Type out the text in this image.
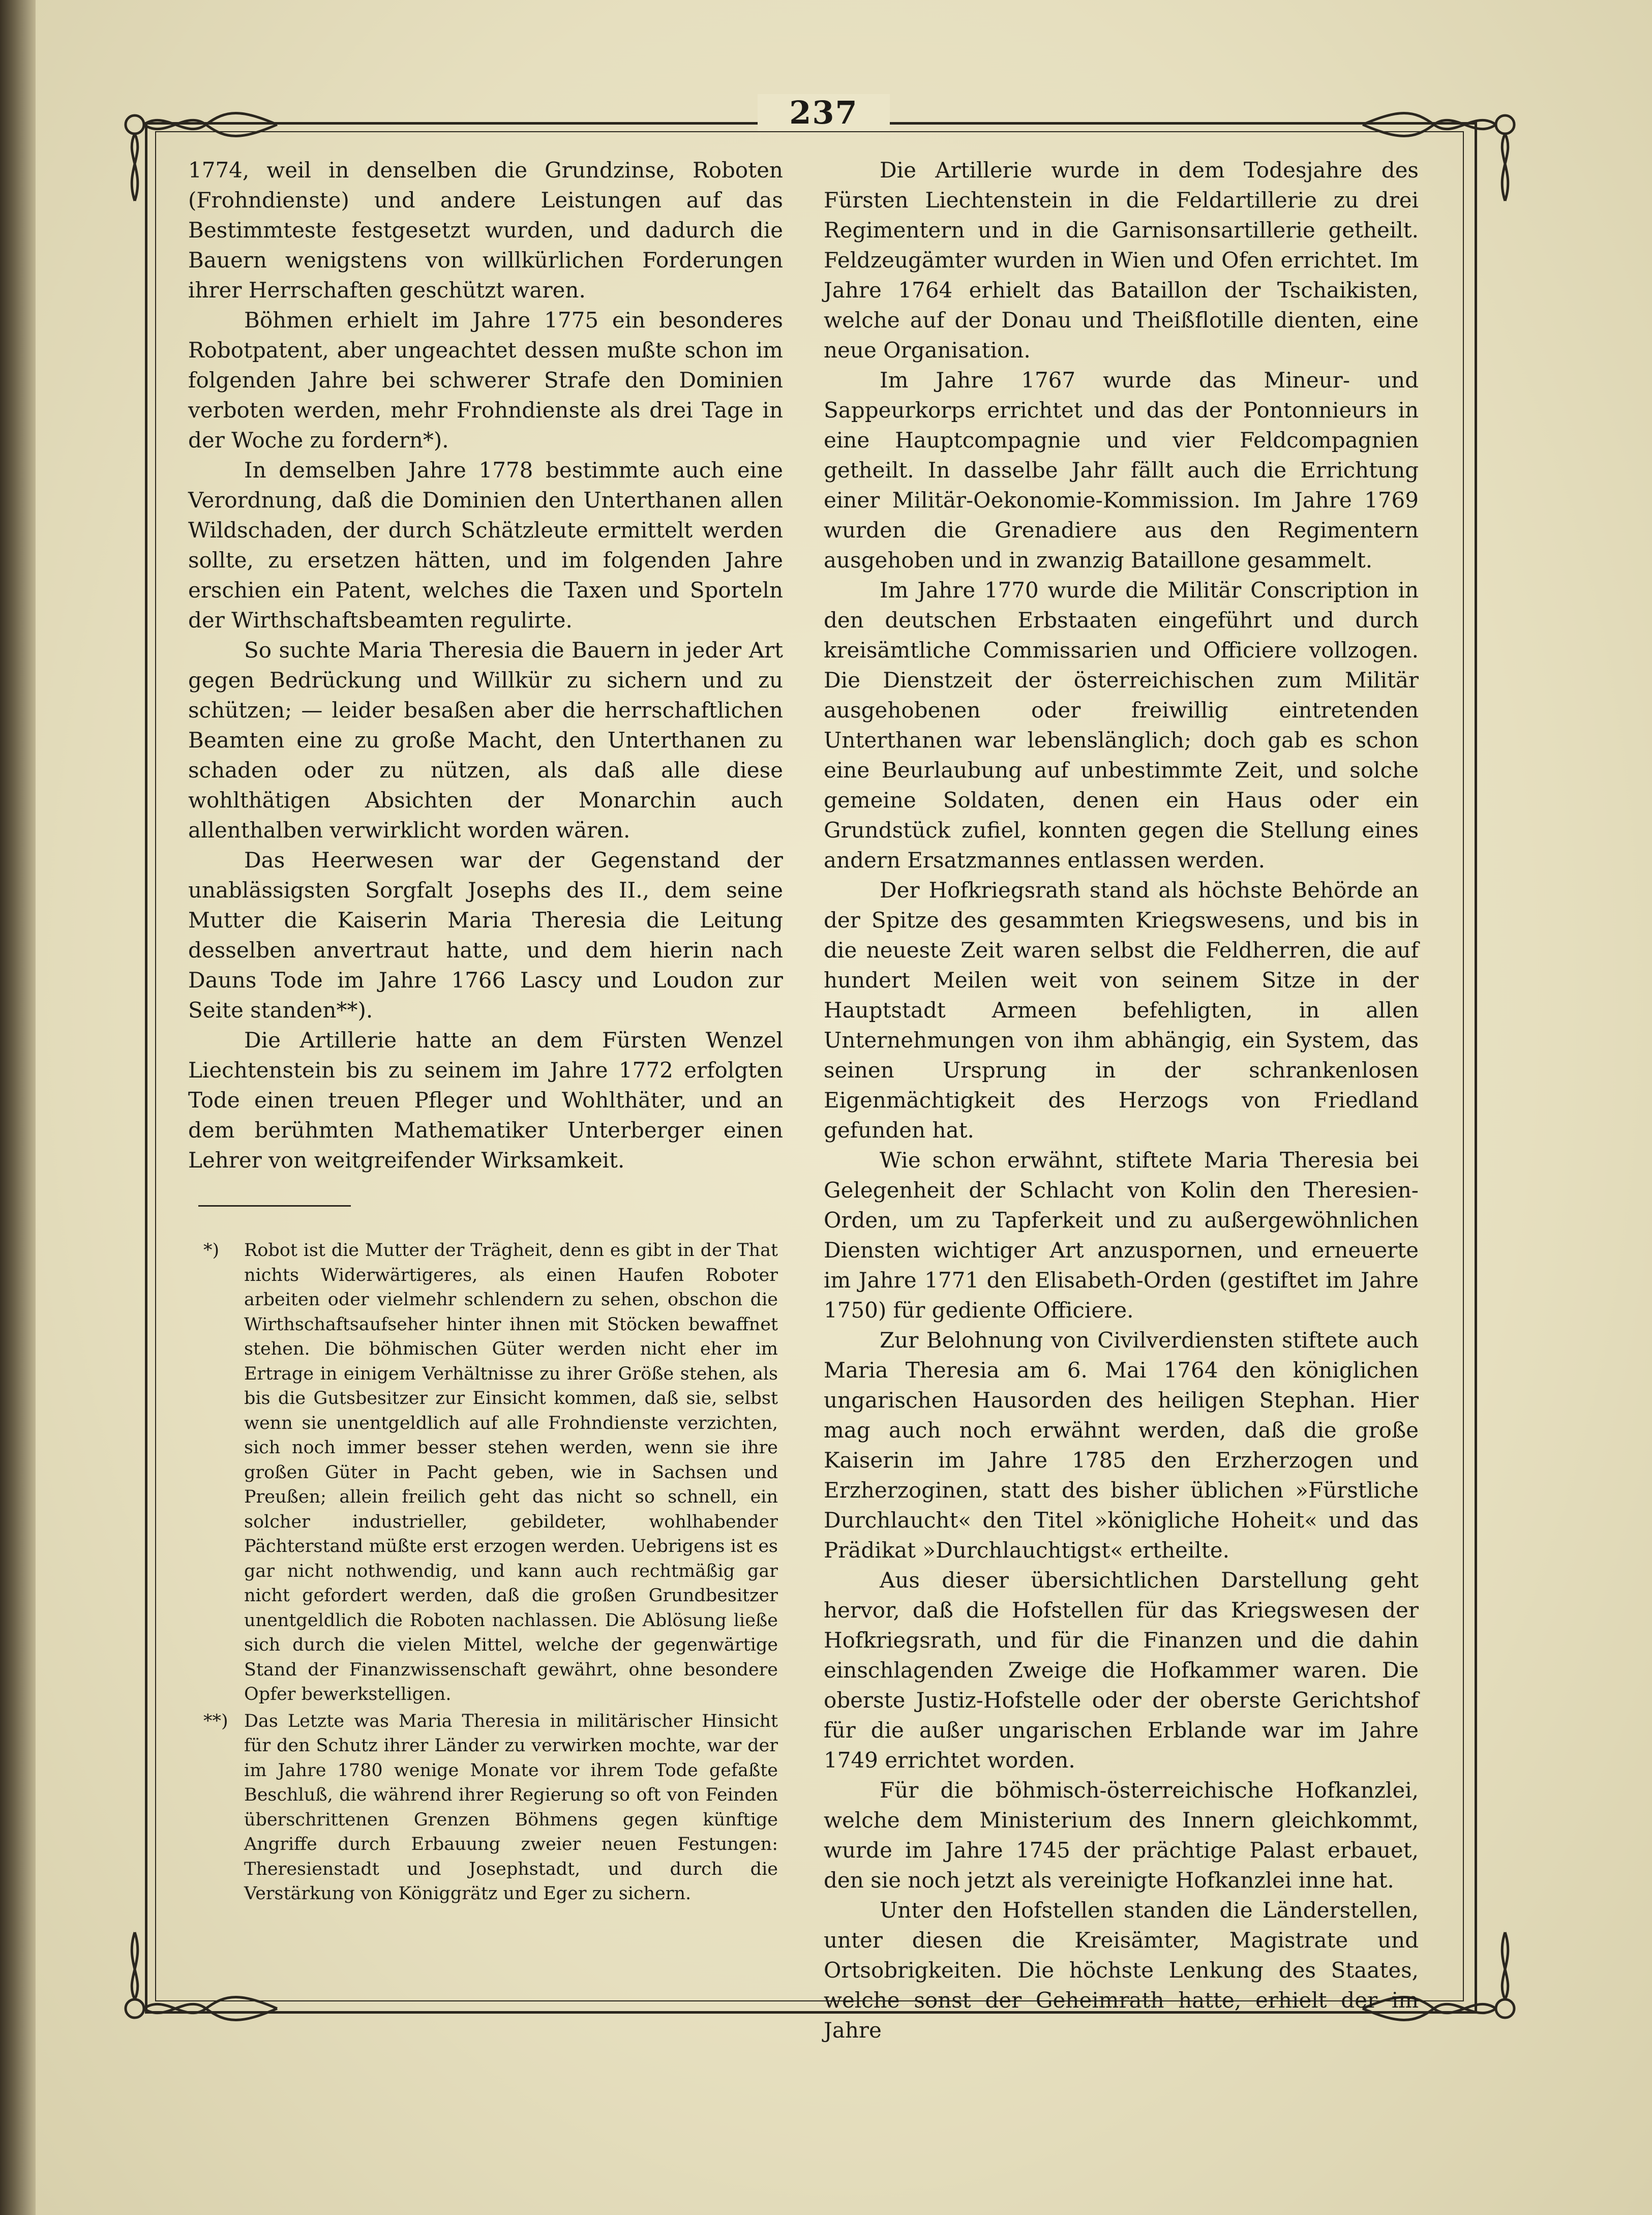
237

1774, weil in denselben die Grundzinse, Roboten (Frohndienste) und andere Leistungen auf das Bestimmteste festgesetzt wurden, und dadurch die Bauern wenigstens von willkürlichen Forderungen ihrer Herrschaften geschützt waren.

Böhmen erhielt im Jahre 1775 ein besonderes Robotpatent, aber ungeachtet dessen mußte schon im folgenden Jahre bei schwerer Strafe den Dominien verboten werden, mehr Frohndienste als drei Tage in der Woche zu fordern*).

In demselben Jahre 1778 bestimmte auch eine Verordnung, daß die Dominien den Unterthanen allen Wildschaden, der durch Schätzleute ermittelt werden sollte, zu ersetzen hätten, und im folgenden Jahre erschien ein Patent, welches die Taxen und Sporteln der Wirthschaftsbeamten regulirte.

So suchte Maria Theresia die Bauern in jeder Art gegen Bedrückung und Willkür zu sichern und zu schützen; — leider besaßen aber die herrschaftlichen Beamten eine zu große Macht, den Unterthanen zu schaden oder zu nützen, als daß alle diese wohlthätigen Absichten der Monarchin auch allenthalben verwirklicht worden wären.

Das Heerwesen war der Gegenstand der unablässigsten Sorgfalt Josephs des II., dem seine Mutter die Kaiserin Maria Theresia die Leitung desselben anvertraut hatte, und dem hierin nach Dauns Tode im Jahre 1766 Lascy und Loudon zur Seite standen**).

Die Artillerie hatte an dem Fürsten Wenzel Liechtenstein bis zu seinem im Jahre 1772 erfolgten Tode einen treuen Pfleger und Wohlthäter, und an dem berühmten Mathematiker Unterberger einen Lehrer von weitgreifender Wirksamkeit.

*) Robot ist die Mutter der Trägheit, denn es gibt in der That nichts Widerwärtigeres, als einen Haufen Roboter arbeiten oder vielmehr schlendern zu sehen, obschon die Wirthschaftsaufseher hinter ihnen mit Stöcken bewaffnet stehen. Die böhmischen Güter werden nicht eher im Ertrage in einigem Verhältnisse zu ihrer Größe stehen, als bis die Gutsbesitzer zur Einsicht kommen, daß sie, selbst wenn sie unentgeldlich auf alle Frohndienste verzichten, sich noch immer besser stehen werden, wenn sie ihre großen Güter in Pacht geben, wie in Sachsen und Preußen; allein freilich geht das nicht so schnell, ein solcher industrieller, gebildeter, wohlhabender Pächterstand müßte erst erzogen werden. Uebrigens ist es gar nicht nothwendig, und kann auch rechtmäßig gar nicht gefordert werden, daß die großen Grundbesitzer unentgeldlich die Roboten nachlassen. Die Ablösung ließe sich durch die vielen Mittel, welche der gegenwärtige Stand der Finanzwissenschaft gewährt, ohne besondere Opfer bewerkstelligen.
**) Das Letzte was Maria Theresia in militärischer Hinsicht für den Schutz ihrer Länder zu verwirken mochte, war der im Jahre 1780 wenige Monate vor ihrem Tode gefaßte Beschluß, die während ihrer Regierung so oft von Feinden überschrittenen Grenzen Böhmens gegen künftige Angriffe durch Erbauung zweier neuen Festungen: Theresienstadt und Josephstadt, und durch die Verstärkung von Königgrätz und Eger zu sichern.

Die Artillerie wurde in dem Todesjahre des Fürsten Liechtenstein in die Feldartillerie zu drei Regimentern und in die Garnisonsartillerie getheilt. Feldzeugämter wurden in Wien und Ofen errichtet. Im Jahre 1764 erhielt das Bataillon der Tschaikisten, welche auf der Donau und Theißflotille dienten, eine neue Organisation.

Im Jahre 1767 wurde das Mineur- und Sappeurkorps errichtet und das der Pontonnieurs in eine Hauptcompagnie und vier Feldcompagnien getheilt. In dasselbe Jahr fällt auch die Errichtung einer Militär-Oekonomie-Kommission. Im Jahre 1769 wurden die Grenadiere aus den Regimentern ausgehoben und in zwanzig Bataillone gesammelt.

Im Jahre 1770 wurde die Militär Conscription in den deutschen Erbstaaten eingeführt und durch kreisämtliche Commissarien und Officiere vollzogen. Die Dienstzeit der österreichischen zum Militär ausgehobenen oder freiwillig eintretenden Unterthanen war lebenslänglich; doch gab es schon eine Beurlaubung auf unbestimmte Zeit, und solche gemeine Soldaten, denen ein Haus oder ein Grundstück zufiel, konnten gegen die Stellung eines andern Ersatzmannes entlassen werden.

Der Hofkriegsrath stand als höchste Behörde an der Spitze des gesammten Kriegswesens, und bis in die neueste Zeit waren selbst die Feldherren, die auf hundert Meilen weit von seinem Sitze in der Hauptstadt Armeen befehligten, in allen Unternehmungen von ihm abhängig, ein System, das seinen Ursprung in der schrankenlosen Eigenmächtigkeit des Herzogs von Friedland gefunden hat.

Wie schon erwähnt, stiftete Maria Theresia bei Gelegenheit der Schlacht von Kolin den Theresien-Orden, um zu Tapferkeit und zu außergewöhnlichen Diensten wichtiger Art anzuspornen, und erneuerte im Jahre 1771 den Elisabeth-Orden (gestiftet im Jahre 1750) für gediente Officiere.

Zur Belohnung von Civilverdiensten stiftete auch Maria Theresia am 6. Mai 1764 den königlichen ungarischen Hausorden des heiligen Stephan. Hier mag auch noch erwähnt werden, daß die große Kaiserin im Jahre 1785 den Erzherzogen und Erzherzoginen, statt des bisher üblichen »Fürstliche Durchlaucht« den Titel »königliche Hoheit« und das Prädikat »Durchlauchtigst« ertheilte.

Aus dieser übersichtlichen Darstellung geht hervor, daß die Hofstellen für das Kriegswesen der Hofkriegsrath, und für die Finanzen und die dahin einschlagenden Zweige die Hofkammer waren. Die oberste Justiz-Hofstelle oder der oberste Gerichtshof für die außer ungarischen Erblande war im Jahre 1749 errichtet worden.

Für die böhmisch-österreichische Hofkanzlei, welche dem Ministerium des Innern gleichkommt, wurde im Jahre 1745 der prächtige Palast erbauet, den sie noch jetzt als vereinigte Hofkanzlei inne hat.

Unter den Hofstellen standen die Länderstellen, unter diesen die Kreisämter, Magistrate und Ortsobrigkeiten. Die höchste Lenkung des Staates, welche sonst der Geheimrath hatte, erhielt der im Jahre
